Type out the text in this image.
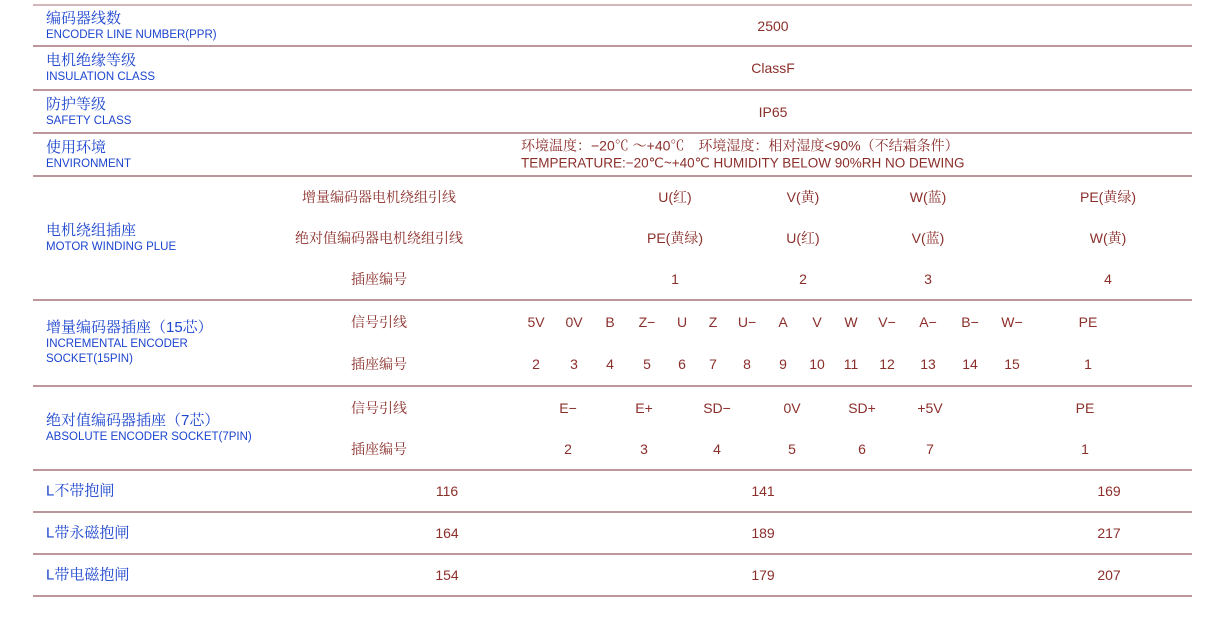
编码器线数
ENCODER LINE NUMBER(PPR)
2500
电机绝缘等级
INSULATION CLASS
ClassF
防护等级
SAFETY CLASS
IP65
使用环境
ENVIRONMENT
环境温度：−20℃ ～+40℃　环境湿度：相对湿度<90%（不结霜条件）
TEMPERATURE:−20℃~+40℃ HUMIDITY BELOW 90%RH NO DEWING
电机绕组插座
MOTOR WINDING PLUE
增量编码器电机绕组引线	U(红)	V(黄)	W(蓝)	PE(黄绿)
绝对值编码器电机绕组引线	PE(黄绿)	U(红)	V(蓝)	W(黄)
插座编号	1	2	3	4
增量编码器插座（15芯）
INCREMENTAL ENCODER
SOCKET(15PIN)
信号引线	5V 0V B Z− U Z U− A V W V− A− B− W−	PE
插座编号	2 3 4 5 6 7 8 9 10 11 12 13 14 15	1
绝对值编码器插座（7芯）
ABSOLUTE ENCODER SOCKET(7PIN)
信号引线	E−	E+	SD−	0V	SD+	+5V	PE
插座编号	2	3	4	5	6	7	1
L不带抱闸	116	141	169
L带永磁抱闸	164	189	217
L带电磁抱闸	154	179	207
